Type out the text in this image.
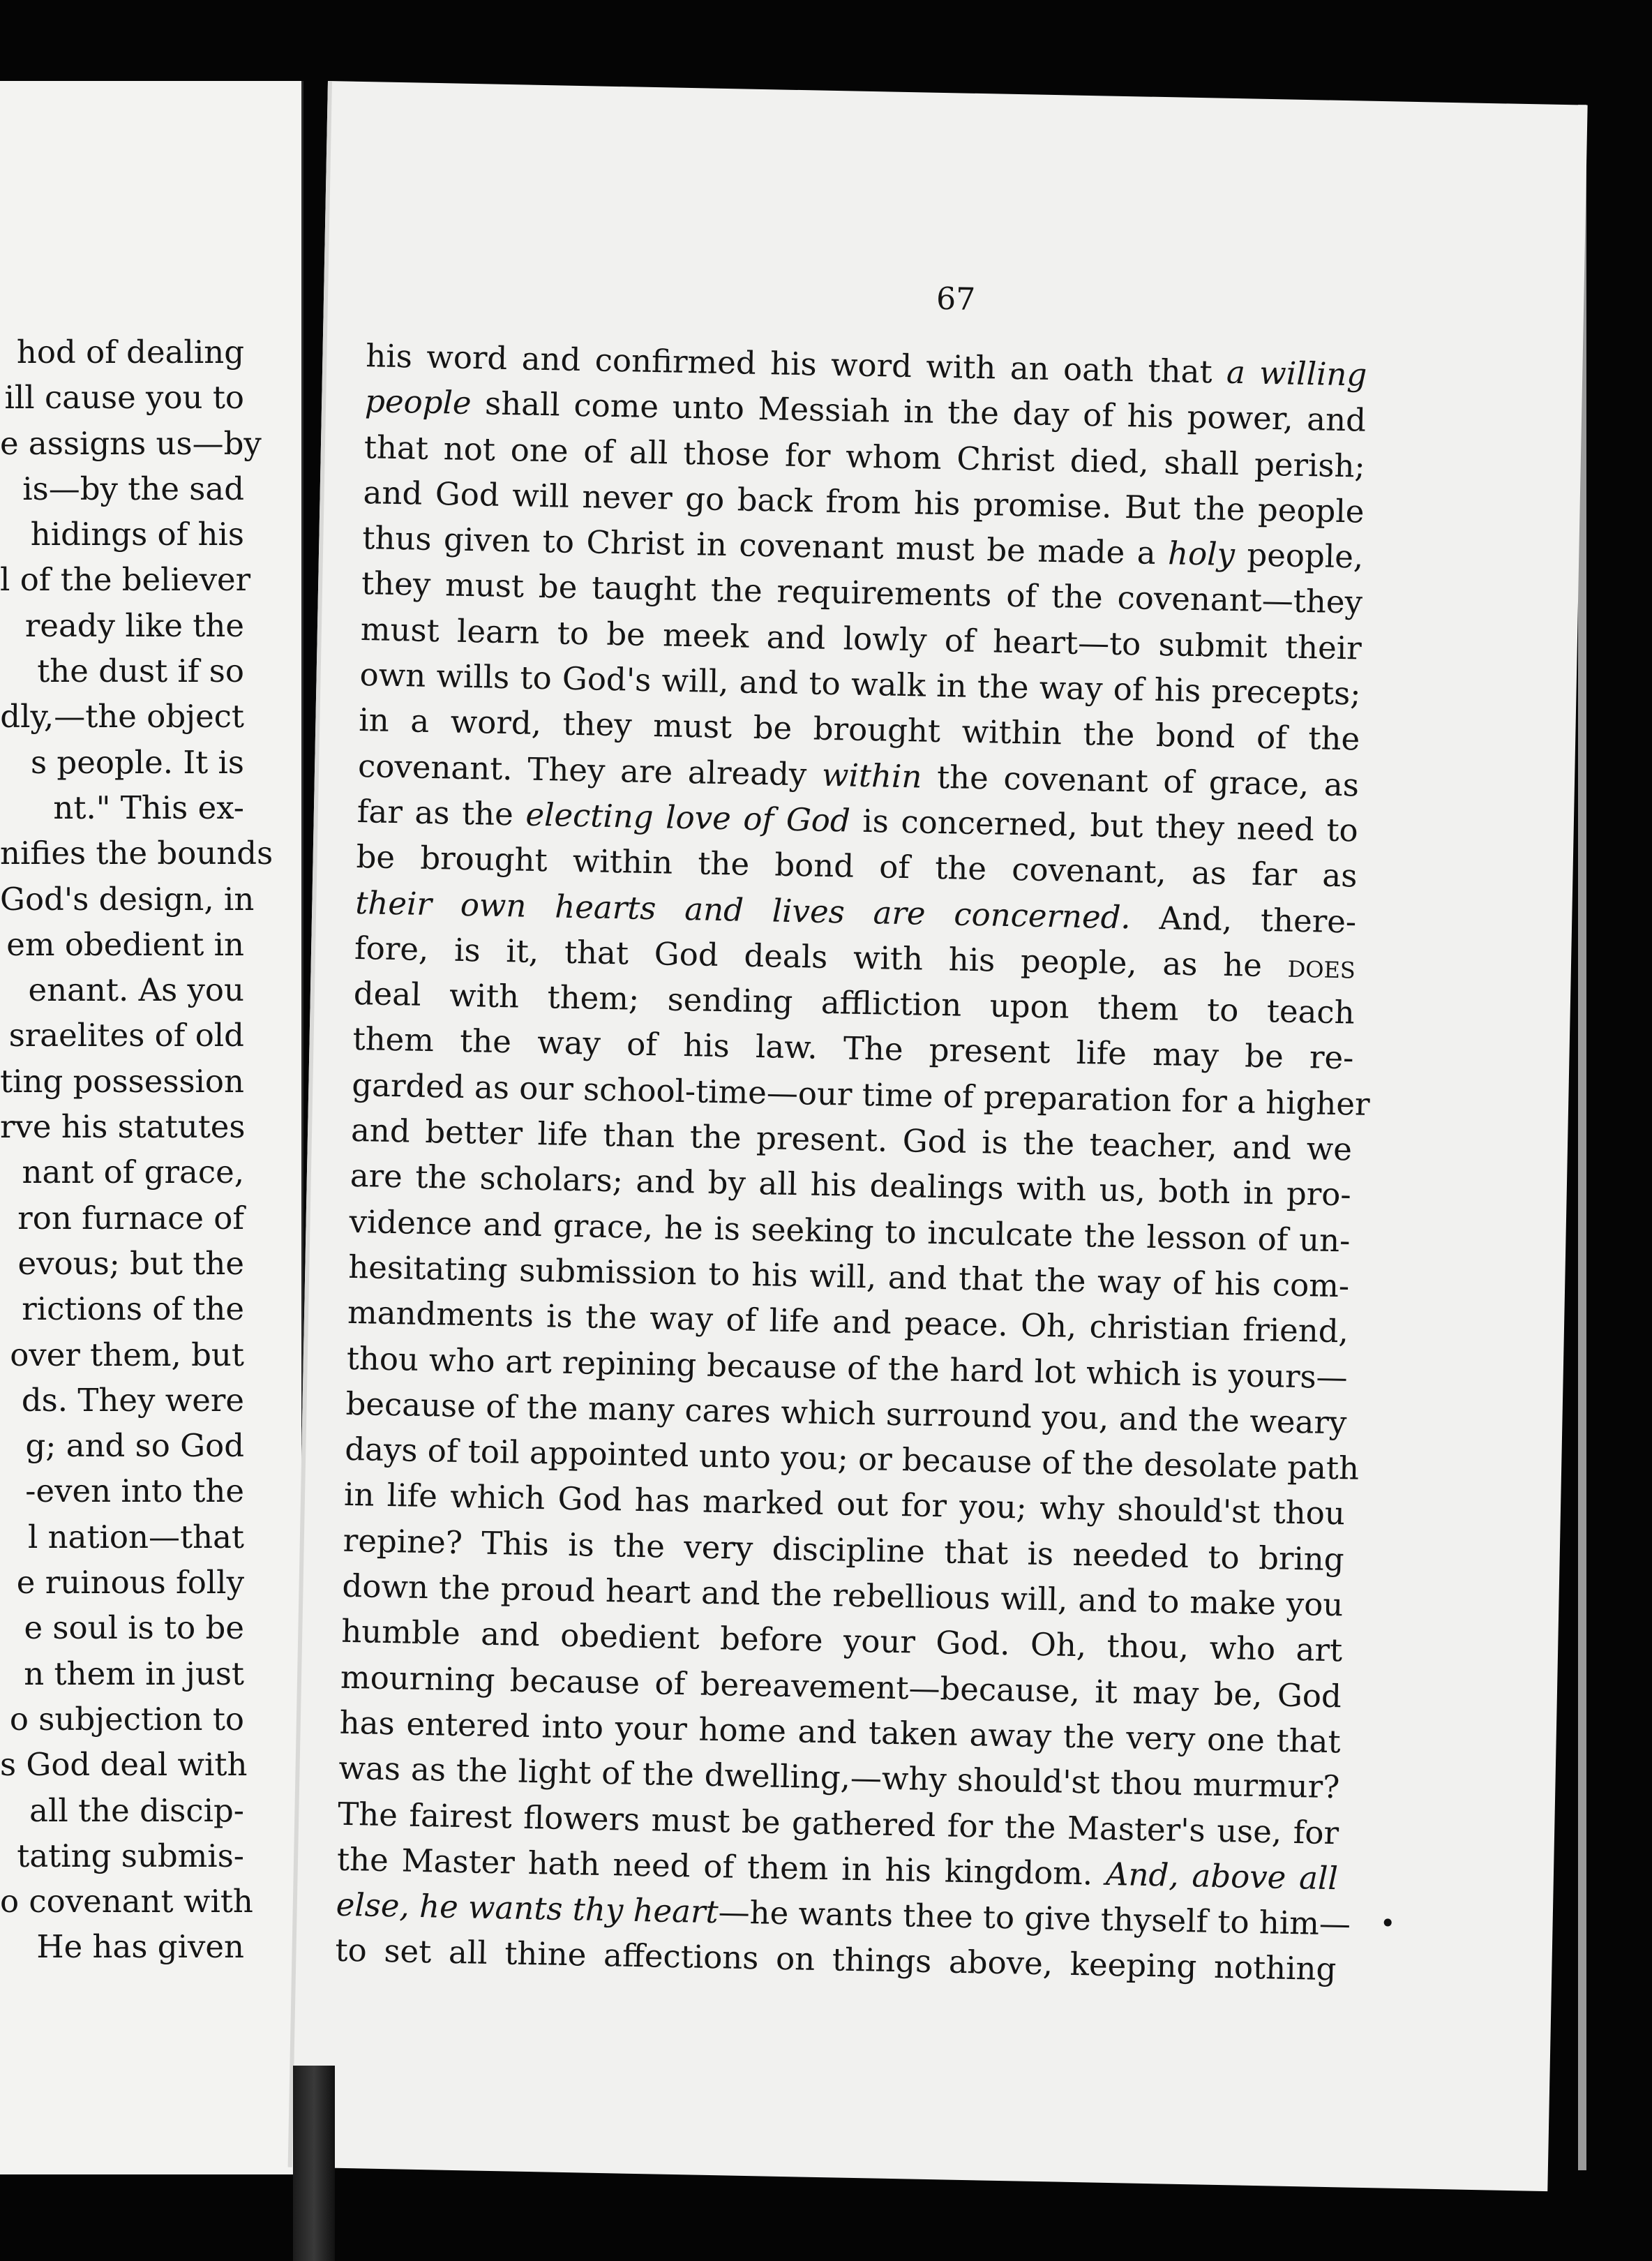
hod of dealing
ill cause you to
e assigns us—by
is—by the sad
hidings of his
l of the believer
ready like the
the dust if so
dly,—the object
s people. It is
nt." This ex-
nifies the bounds
God's design, in
em obedient in
enant. As you
sraelites of old
ting possession
rve his statutes
nant of grace,
ron furnace of
evous; but the
rictions of the
over them, but
ds. They were
g; and so God
-even into the
l nation—that
e ruinous folly
e soul is to be
n them in just
o subjection to
s God deal with
all the discip-
tating submis-
o covenant with
He has given
67
his word and confirmed his word with an oath that a willing
people shall come unto Messiah in the day of his power, and
that not one of all those for whom Christ died, shall perish;
and God will never go back from his promise. But the people
thus given to Christ in covenant must be made a holy people,
they must be taught the requirements of the covenant—they
must learn to be meek and lowly of heart—to submit their
own wills to God's will, and to walk in the way of his precepts;
in a word, they must be brought within the bond of the
covenant. They are already within the covenant of grace, as
far as the electing love of God is concerned, but they need to
be brought within the bond of the covenant, as far as
their own hearts and lives are concerned. And, there-
fore, is it, that God deals with his people, as he does
deal with them; sending affliction upon them to teach
them the way of his law. The present life may be re-
garded as our school-time—our time of preparation for a higher
and better life than the present. God is the teacher, and we
are the scholars; and by all his dealings with us, both in pro-
vidence and grace, he is seeking to inculcate the lesson of un-
hesitating submission to his will, and that the way of his com-
mandments is the way of life and peace. Oh, christian friend,
thou who art repining because of the hard lot which is yours—
because of the many cares which surround you, and the weary
days of toil appointed unto you; or because of the desolate path
in life which God has marked out for you; why should'st thou
repine? This is the very discipline that is needed to bring
down the proud heart and the rebellious will, and to make you
humble and obedient before your God. Oh, thou, who art
mourning because of bereavement—because, it may be, God
has entered into your home and taken away the very one that
was as the light of the dwelling,—why should'st thou murmur?
The fairest flowers must be gathered for the Master's use, for
the Master hath need of them in his kingdom. And, above all
else, he wants thy heart—he wants thee to give thyself to him—
to set all thine affections on things above, keeping nothing
•
